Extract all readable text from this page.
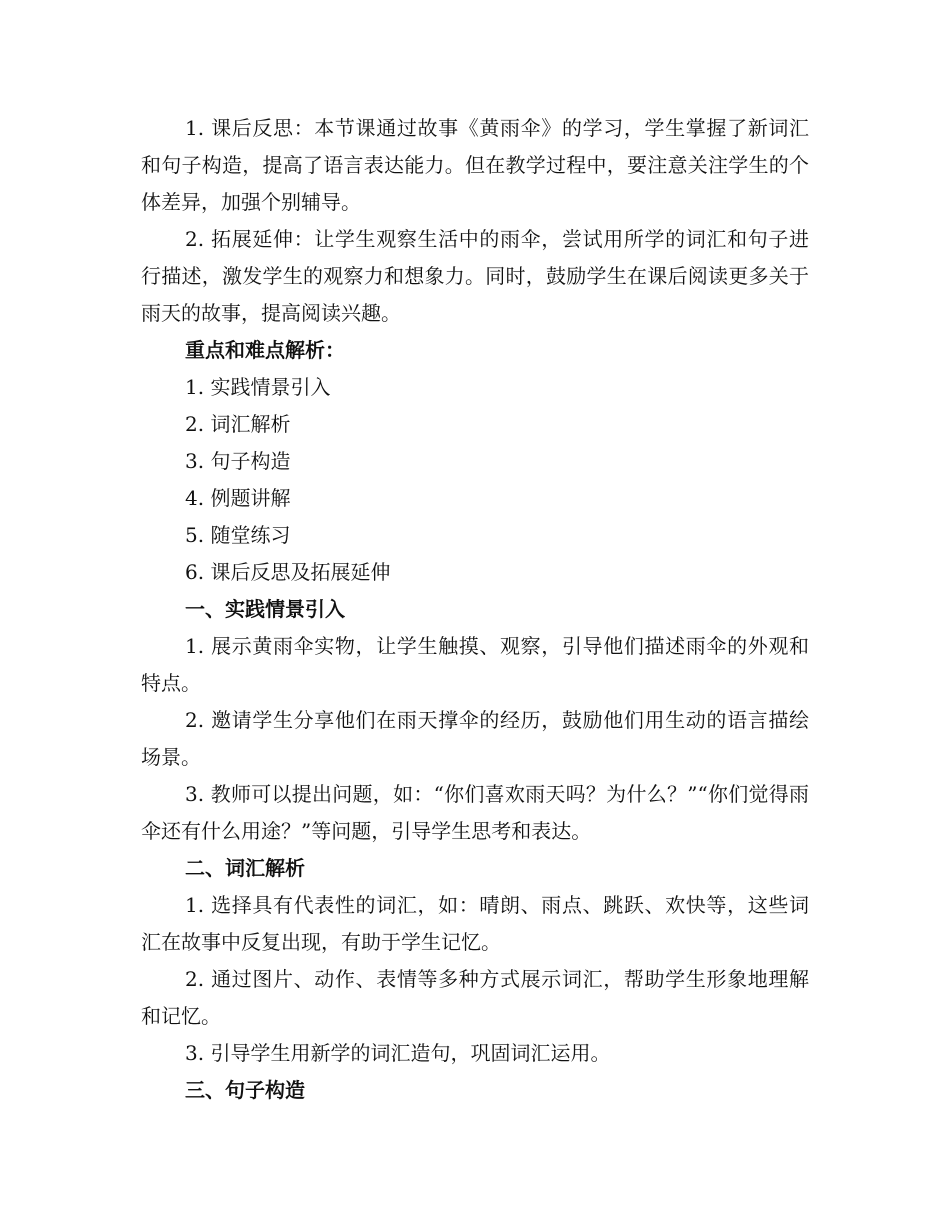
1. 课后反思：本节课通过故事《黄雨伞》的学习，学生掌握了新词汇和句子构造，提高了语言表达能力。但在教学过程中，要注意关注学生的个体差异，加强个别辅导。

2. 拓展延伸：让学生观察生活中的雨伞，尝试用所学的词汇和句子进行描述，激发学生的观察力和想象力。同时，鼓励学生在课后阅读更多关于雨天的故事，提高阅读兴趣。

重点和难点解析：

1. 实践情景引入

2. 词汇解析

3. 句子构造

4. 例题讲解

5. 随堂练习

6. 课后反思及拓展延伸

一、实践情景引入

1. 展示黄雨伞实物，让学生触摸、观察，引导他们描述雨伞的外观和特点。

2. 邀请学生分享他们在雨天撑伞的经历，鼓励他们用生动的语言描绘场景。

3. 教师可以提出问题，如：“你们喜欢雨天吗？为什么？”“你们觉得雨伞还有什么用途？”等问题，引导学生思考和表达。

二、词汇解析

1. 选择具有代表性的词汇，如：晴朗、雨点、跳跃、欢快等，这些词汇在故事中反复出现，有助于学生记忆。

2. 通过图片、动作、表情等多种方式展示词汇，帮助学生形象地理解和记忆。

3. 引导学生用新学的词汇造句，巩固词汇运用。

三、句子构造
